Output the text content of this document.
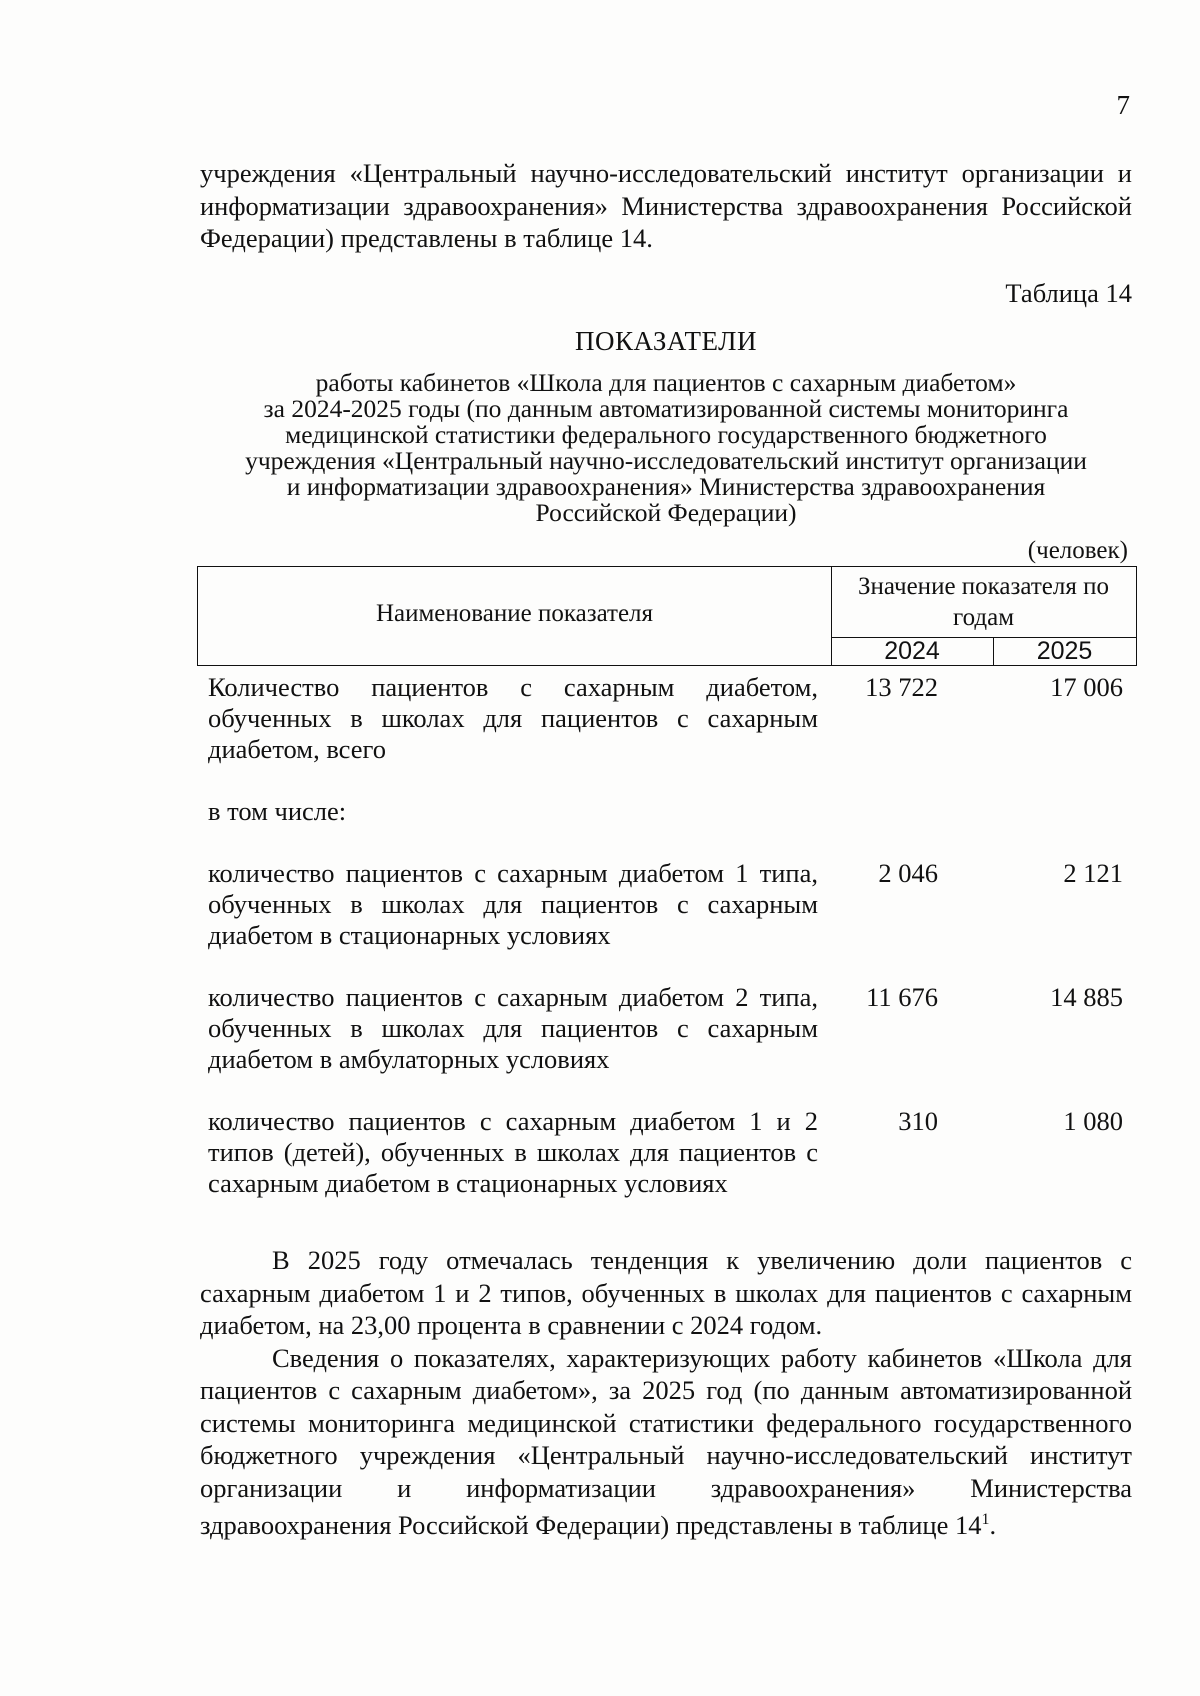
7

учреждения «Центральный научно-исследовательский институт организации и информатизации здравоохранения» Министерства здравоохранения Российской Федерации) представлены в таблице 14.

Таблица 14
ПОКАЗАТЕЛИ

работы кабинетов «Школа для пациентов с сахарным диабетом»

за 2024-2025 годы (по данным автоматизированной системы мониторинга

медицинской статистики федерального государственного бюджетного

учреждения «Центральный научно-исследовательский институт организации

и информатизации здравоохранения» Министерства здравоохранения

Российской Федерации)

(человек)
Наименование показателя
Значение показателя по годам
2024	2025
Количество пациентов с сахарным диабетом, обученных в школах для пациентов с сахарным диабетом, всего
13 722	17 006
в том числе:
количество пациентов с сахарным диабетом 1 типа, обученных в школах для пациентов с сахарным диабетом в стационарных условиях
2 046	2 121
количество пациентов с сахарным диабетом 2 типа, обученных в школах для пациентов с сахарным диабетом в амбулаторных условиях
11 676	14 885
количество пациентов с сахарным диабетом 1 и 2 типов (детей), обученных в школах для пациентов с сахарным диабетом в стационарных условиях
310	1 080

В 2025 году отмечалась тенденция к увеличению доли пациентов с сахарным диабетом 1 и 2 типов, обученных в школах для пациентов с сахарным диабетом, на 23,00 процента в сравнении с 2024 годом.

Сведения о показателях, характеризующих работу кабинетов «Школа для пациентов с сахарным диабетом», за 2025 год (по данным автоматизированной системы мониторинга медицинской статистики федерального государственного бюджетного учреждения «Центральный научно-исследовательский институт организации и информатизации здравоохранения» Министерства здравоохранения Российской Федерации) представлены в таблице $14^1$.
